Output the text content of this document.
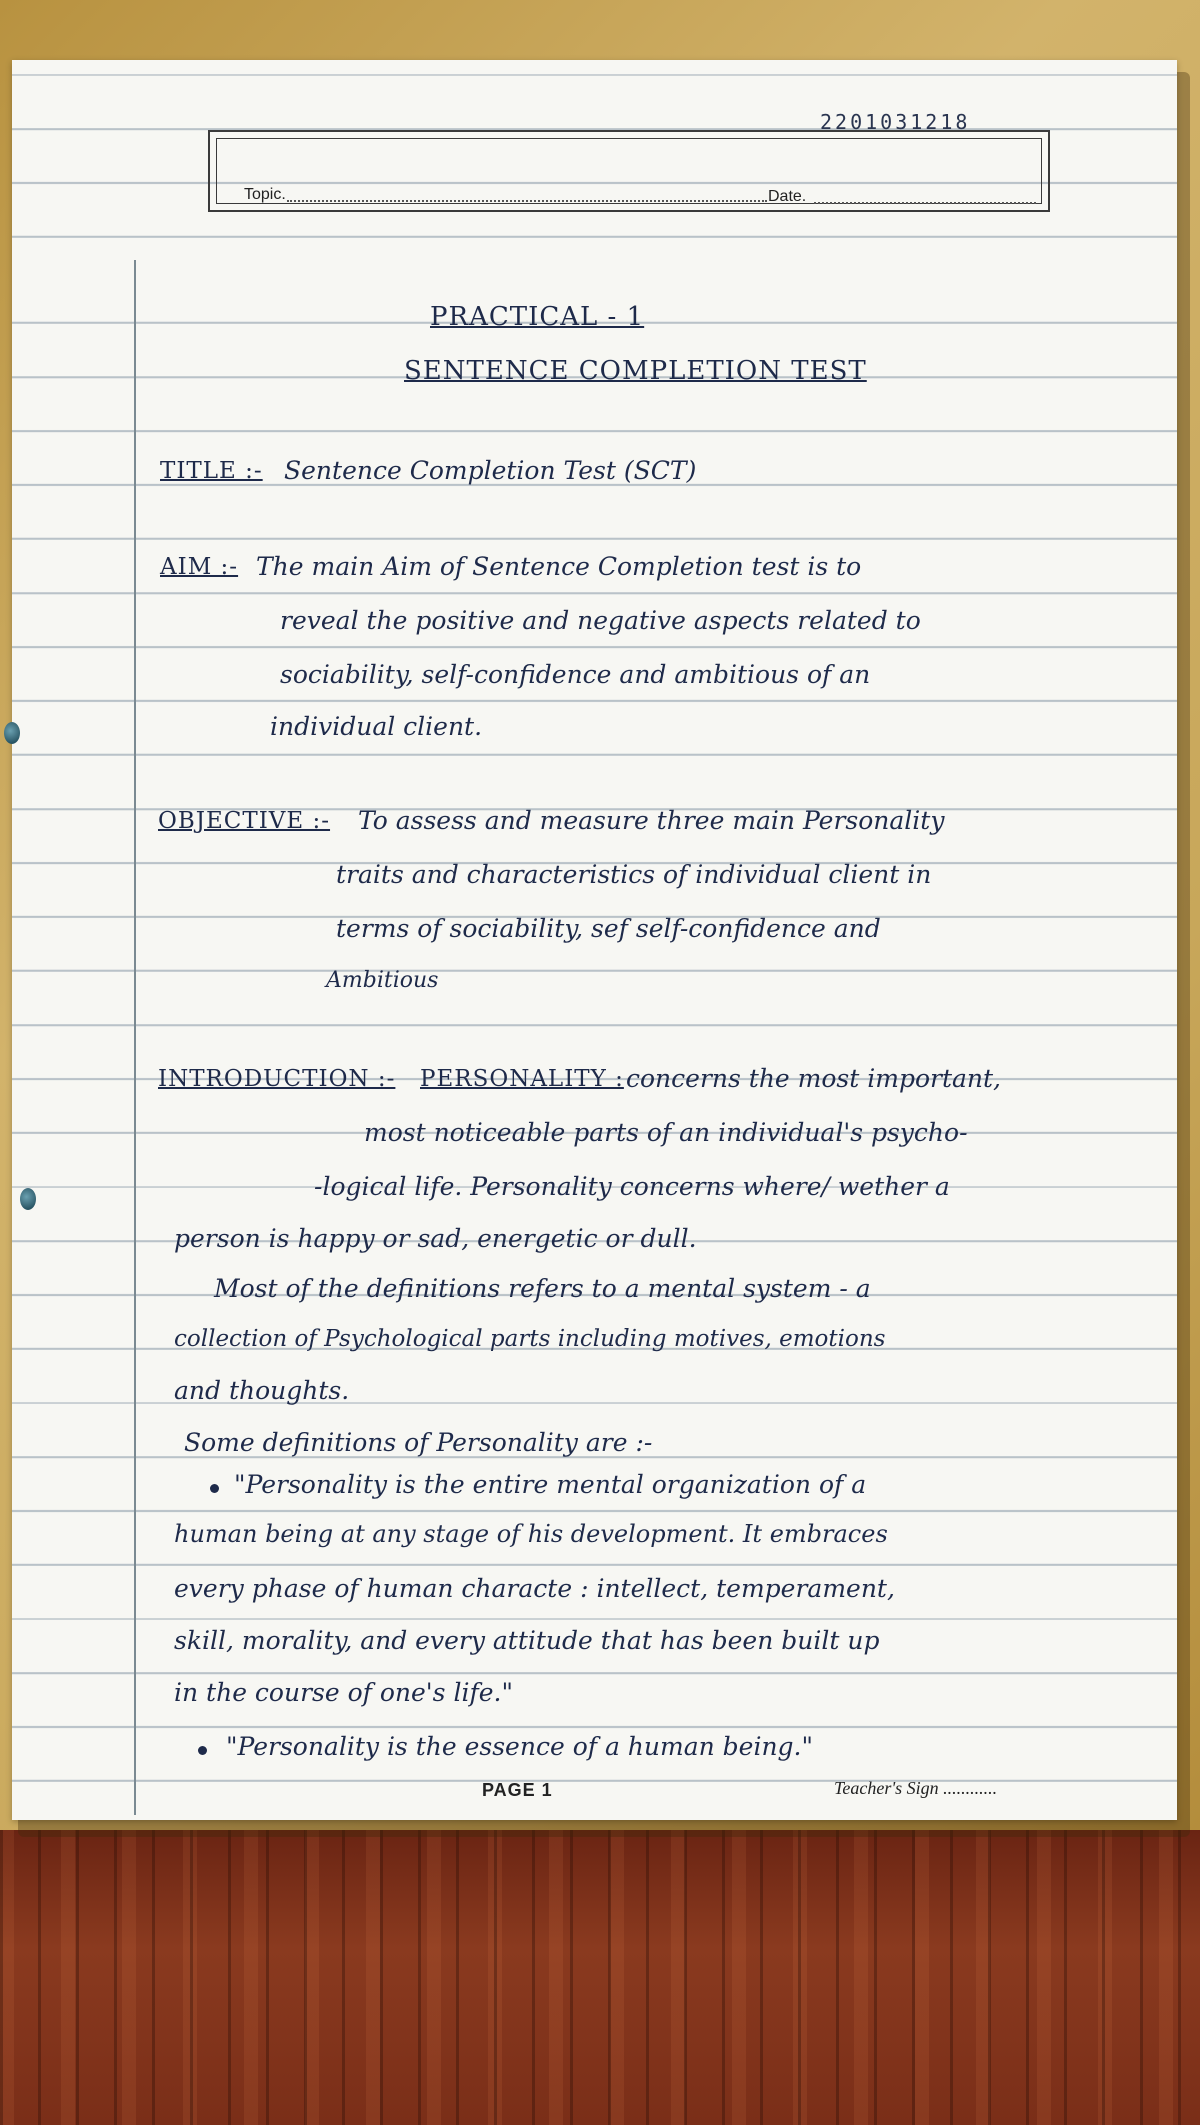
2201031218
Topic.	Date.
PRACTICAL - 1
SENTENCE COMPLETION TEST
TITLE :- Sentence Completion Test (SCT)
AIM :- The main Aim of Sentence Completion test is to
reveal the positive and negative aspects related to
sociability, self-confidence and ambitious of an
individual client.
OBJECTIVE :- To assess and measure three main Personality
traits and characteristics of individual client in
terms of sociability, sef self-confidence and
Ambitious
INTRODUCTION :- PERSONALITY : concerns the most important,
most noticeable parts of an individual's psycho-
-logical life. Personality concerns where/ wether a
person is happy or sad, energetic or dull.
Most of the definitions refers to a mental system - a
collection of Psychological parts including motives, emotions
and thoughts.
Some definitions of Personality are :-
"Personality is the entire mental organization of a
human being at any stage of his development. It embraces
every phase of human characte : intellect, temperament,
skill, morality, and every attitude that has been built up
in the course of one's life."
"Personality is the essence of a human being."
PAGE 1	Teacher's Sign ............
